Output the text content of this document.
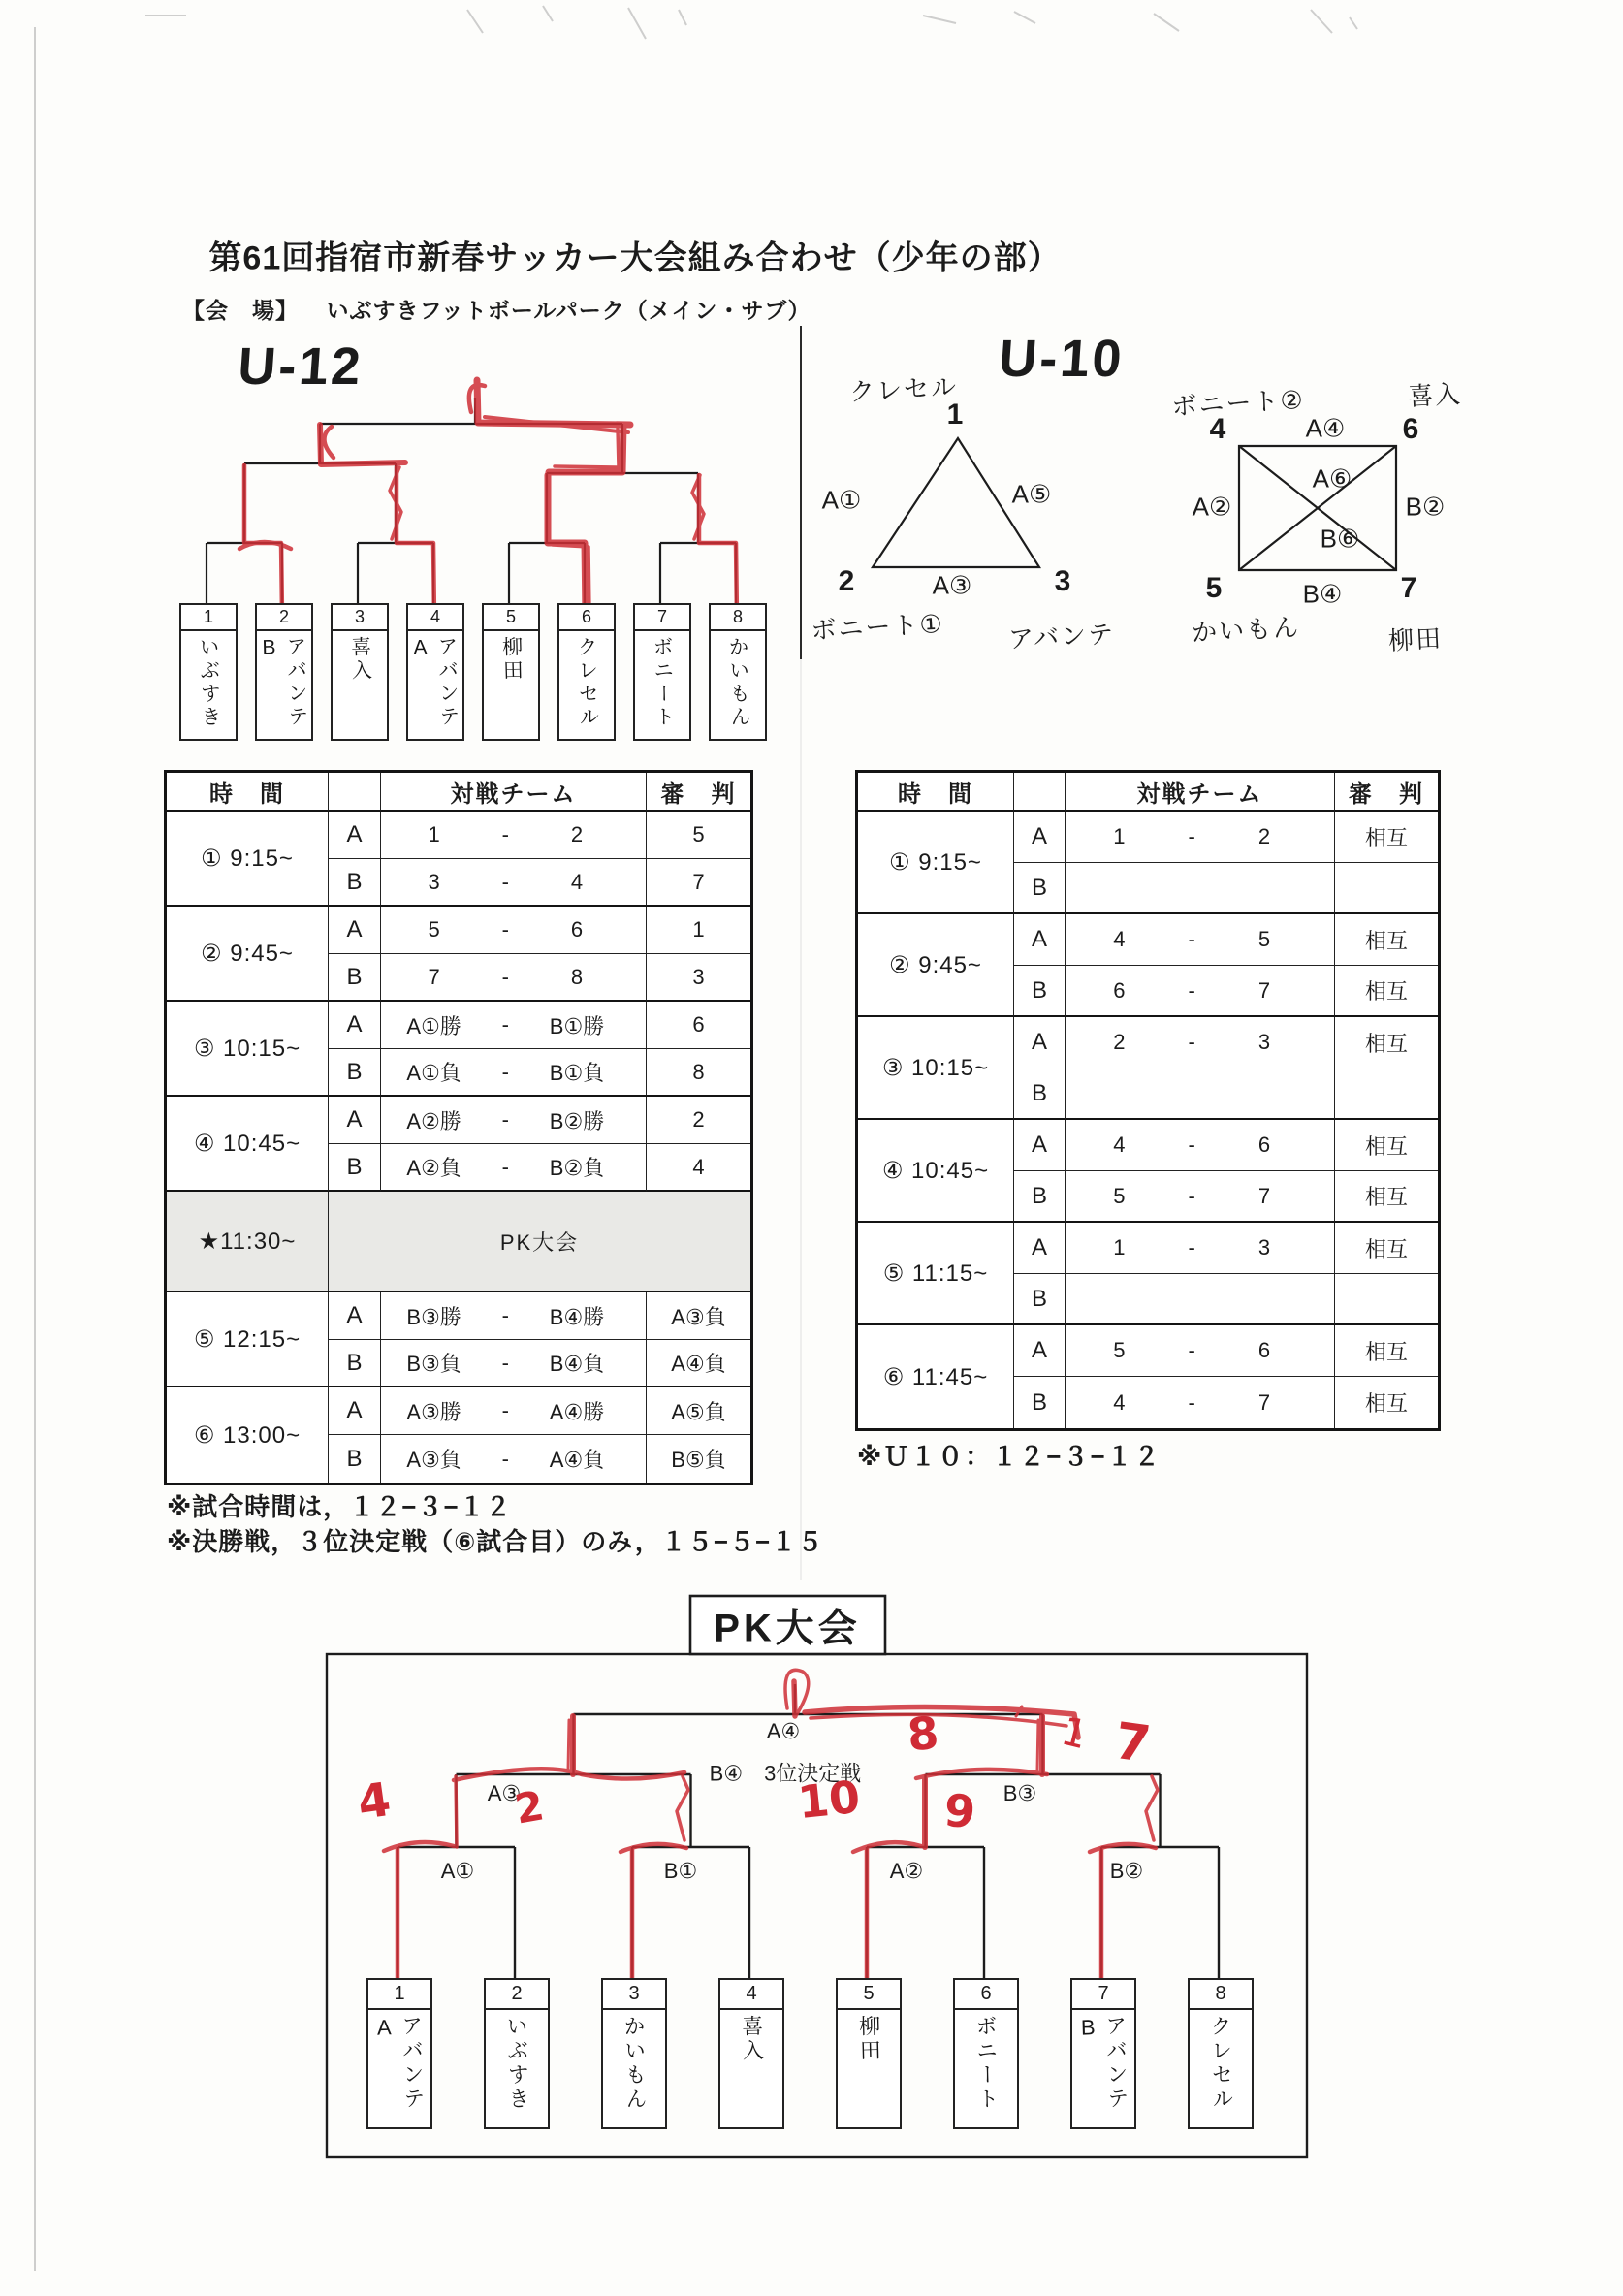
第61回指宿市新春サッカー大会組み合わせ（少年の部）
【会　場】 いぶすきフットボールパーク（メイン・サブ）
U-12
1
いぶすき
2
アバンテB
3
喜入
4
アバンテA
5
柳田
6
クレセル
7
ボニート
8
かいもん
U-10
1
2	3
クレセル
ボニート① アバンテ
A①	A⑤
A③
4	6
5	7
A④
A②	B②
B④
A⑥
B⑥
ボニート②	喜入
かいもん	柳田
時　間	対戦チーム	審　判
① 9:15~
A	1	-	2	5
B	3	-	4	7
② 9:45~
A	5	-	6	1
B	7	-	8	3
③ 10:15~
A	A①勝	-	B①勝	6
B	A①負	-	B①負	8
④ 10:45~
A	A②勝	-	B②勝	2
B	A②負	-	B②負	4
★11:30~	PK大会
⑤ 12:15~
A	B③勝	-	B④勝	A③負
B	B③負	-	B④負	A④負
⑥ 13:00~
A	A③勝	-	A④勝	A⑤負
B	A③負	-	A④負	B⑤負
※試合時間は，１２−３−１２
※決勝戦，３位決定戦（⑥試合目）のみ，１５−５−１５
時　間	対戦チーム	審　判
① 9:15~
A	1	-	2	相互
B
② 9:45~
A	4	-	5	相互
B	6	-	7	相互
③ 10:15~
A	2	-	3	相互
B
④ 10:45~
A	4	-	6	相互
B	5	-	7	相互
⑤ 11:15~
A	1	-	3	相互
B
⑥ 11:45~
A	5	-	6	相互
B	4	-	7	相互
※Ｕ１０：１２−３−１２
PK大会
A④
B④　3位決定戦
A③	B③
A①	B①	A②	B②
4	2	10 9
8	7
1
1
アバンテA
2
いぶすき
3
かいもん
4
喜入
5
柳田
6
ボニート
7
アバンテB
8
クレセル
